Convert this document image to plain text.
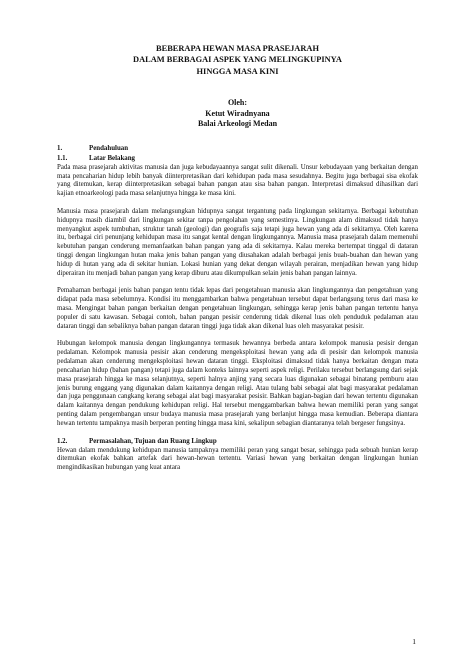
BEBERAPA HEWAN MASA PRASEJARAH
DALAM BERBAGAI ASPEK YANG MELINGKUPINYA
HINGGA MASA KINI
Oleh:
Ketut Wiradnyana
Balai Arkeologi Medan
1.	Pendahuluan
1.1.	Latar Belakang

Pada masa prasejarah aktivitas manusia dan juga kebudayaannya sangat sulit dikenali. Unsur kebudayaan yang berkaitan dengan mata pencaharian hidup lebih banyak diinterpretasikan dari kehidupan pada masa sesudahnya. Begitu juga berbagai sisa ekofak yang ditemukan, kerap diinterpretasikan sebagai bahan pangan atau sisa bahan pangan. Interpretasi dimaksud dihasilkan dari kajian etnoarkeologi pada masa selanjutnya hingga ke masa kini.

Manusia masa prasejarah dalam melangsungkan hidupnya sangat tergantung pada lingkungan sekitarnya. Berbagai kebutuhan hidupnya masih diambil dari lingkungan sekitar tanpa pengolahan yang semestinya. Lingkungan alam dimaksud tidak hanya menyangkut aspek tumbuhan, struktur tanah (geologi) dan geografis saja tetapi juga hewan yang ada di sekitarnya. Oleh karena itu, berbagai ciri penunjang kehidupan masa itu sangat kental dengan lingkungannya. Manusia masa prasejarah dalam memenuhi kebutuhan pangan cenderung memanfaatkan bahan pangan yang ada di sekitarnya. Kalau mereka bertempat tinggal di dataran tinggi dengan lingkungan hutan maka jenis bahan pangan yang diusahakan adalah berbagai jenis buah-buahan dan hewan yang hidup di hutan yang ada di sekitar hunian. Lokasi hunian yang dekat dengan wilayah perairan, menjadikan hewan yang hidup diperairan itu menjadi bahan pangan yang kerap diburu atau dikumpulkan selain jenis bahan pangan lainnya.

Pemahaman berbagai jenis bahan pangan tentu tidak lepas dari pengetahuan manusia akan lingkungannya dan pengetahuan yang didapat pada masa sebelumnya. Kondisi itu menggambarkan bahwa pengetahuan tersebut dapat berlangsung terus dari masa ke masa. Mengingat bahan pangan berkaitan dengan pengetahuan lingkungan, sehingga kerap jenis bahan pangan tertentu hanya populer di satu kawasan. Sebagai contoh, bahan pangan pesisir cenderung tidak dikenal luas oleh penduduk pedalaman atau dataran tinggi dan sebaliknya bahan pangan dataran tinggi juga tidak akan dikenal luas oleh masyarakat pesisir.

Hubungan kelompok manusia dengan lingkungannya termasuk hewannya berbeda antara kelompok manusia pesisir dengan pedalaman. Kelompok manusia pesisir akan cenderung mengeksploitasi hewan yang ada di pesisir dan kelompok manusia pedalaman akan cenderung mengeksploitasi hewan dataran tinggi. Eksploitasi dimaksud tidak hanya berkaitan dengan mata pencaharian hidup (bahan pangan) tetapi juga dalam konteks lainnya seperti aspek religi. Perilaku tersebut berlangsung dari sejak masa prasejarah hingga ke masa selanjutnya, seperti halnya anjing yang secara luas digunakan sebagai binatang pemburu atau jenis burung enggang yang digunakan dalam kaitannya dengan religi. Atau tulang babi sebagai alat bagi masyarakat pedalaman dan juga penggunaan cangkang kerang sebagai alat bagi masyarakat pesisir. Bahkan bagian-bagian dari hewan tertentu digunakan dalam kaitannya dengan pendukung kehidupan religi. Hal tersebut menggambarkan bahwa hewan memiliki peran yang sangat penting dalam pengembangan unsur budaya manusia masa prasejarah yang berlanjut hingga masa kemudian. Beberapa diantara hewan tertentu tampaknya masih berperan penting hingga masa kini, sekalipun sebagian diantaranya telah bergeser fungsinya.

1.2.	Permasalahan, Tujuan dan Ruang Lingkup

Hewan dalam mendukung kehidupan manusia tampaknya memiliki peran yang sangat besar, sehingga pada sebuah hunian kerap ditemukan ekofak bahkan artefak dari hewan-hewan tertentu. Variasi hewan yang berkaitan dengan lingkungan hunian mengindikasikan hubungan yang kuat antara

1
